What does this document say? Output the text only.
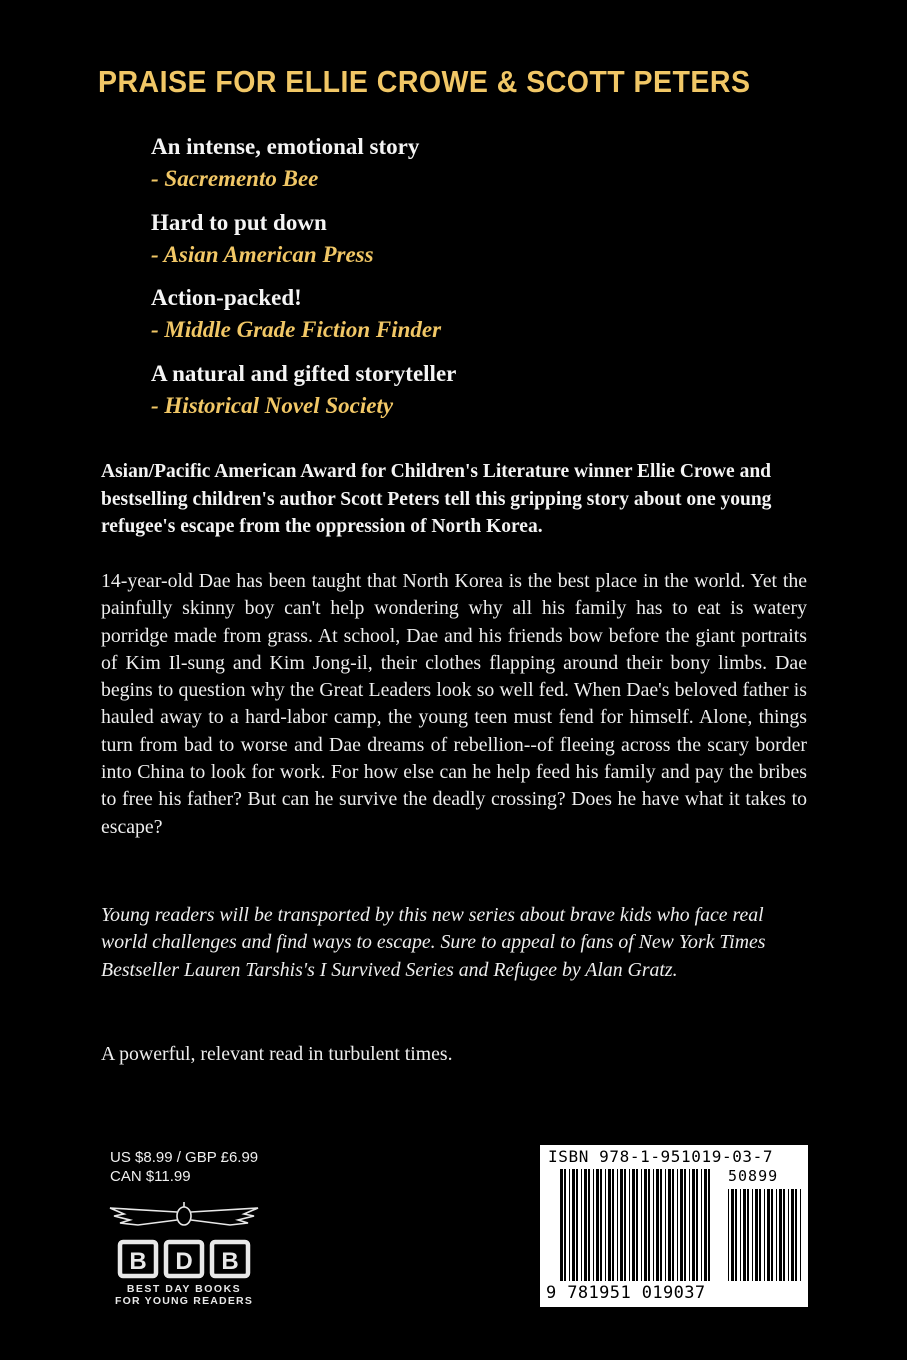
PRAISE FOR ELLIE CROWE & SCOTT PETERS
An intense, emotional story
- Sacremento Bee
Hard to put down
- Asian American Press
Action-packed!
- Middle Grade Fiction Finder
A natural and gifted storyteller
- Historical Novel Society
Asian/Pacific American Award for Children's Literature winner Ellie Crowe and bestselling children's author Scott Peters tell this gripping story about one young refugee's escape from the oppression of North Korea.
14-year-old Dae has been taught that North Korea is the best place in the world. Yet the painfully skinny boy can't help wondering why all his family has to eat is watery porridge made from grass. At school, Dae and his friends bow before the giant portraits of Kim Il-sung and Kim Jong-il, their clothes flapping around their bony limbs. Dae begins to question why the Great Leaders look so well fed. When Dae's beloved father is hauled away to a hard-labor camp, the young teen must fend for himself. Alone, things turn from bad to worse and Dae dreams of rebellion--of fleeing across the scary border into China to look for work. For how else can he help feed his family and pay the bribes to free his father? But can he survive the deadly crossing? Does he have what it takes to escape?
Young readers will be transported by this new series about brave kids who face real world challenges and find ways to escape. Sure to appeal to fans of New York Times Bestseller Lauren Tarshis's I Survived Series and Refugee by Alan Gratz.
A powerful, relevant read in turbulent times.
US $8.99 / GBP £6.99
CAN $11.99
B D B
BEST DAY BOOKS
FOR YOUNG READERS
ISBN 978-1-951019-03-7
50899
9 781951 019037
